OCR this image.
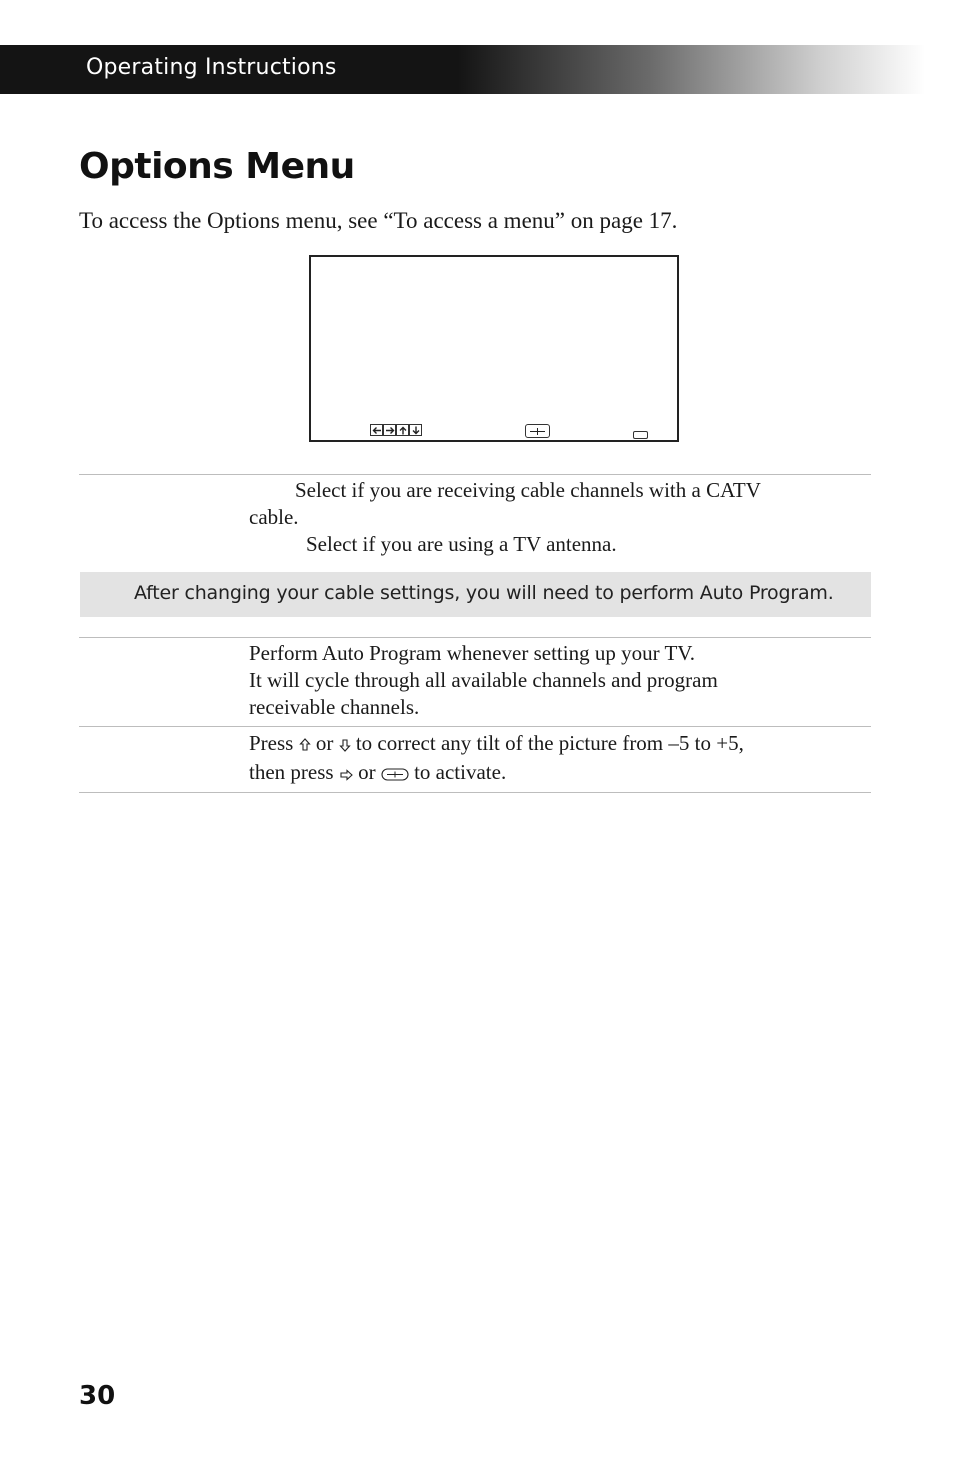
Operating Instructions
Options Menu
To access the Options menu, see “To access a menu” on page 17.
Select if you are receiving cable channels with a CATV
cable.
Select if you are using a TV antenna.
After changing your cable settings, you will need to perform Auto Program.
Perform Auto Program whenever setting up your TV.
It will cycle through all available channels and program
receivable channels.
Press or to correct any tilt of the picture from –5 to +5,
then press or to activate.
30
